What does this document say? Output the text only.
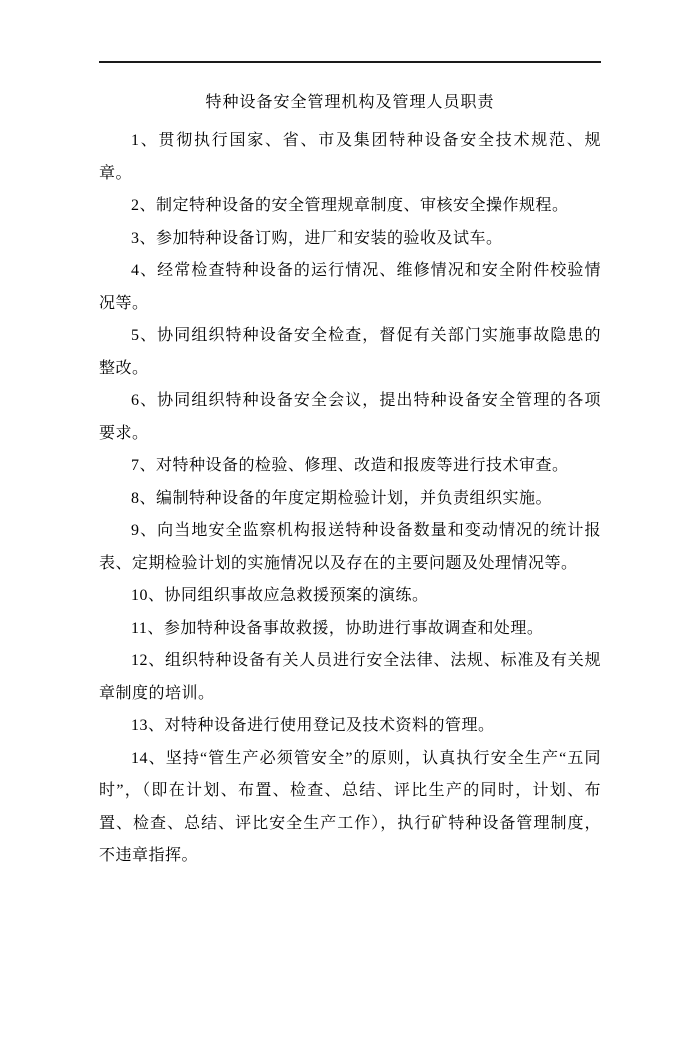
特种设备安全管理机构及管理人员职责

1、贯彻执行国家、省、市及集团特种设备安全技术规范、规章。

2、制定特种设备的安全管理规章制度、审核安全操作规程。

3、参加特种设备订购，进厂和安装的验收及试车。

4、经常检查特种设备的运行情况、维修情况和安全附件校验情况等。

5、协同组织特种设备安全检查，督促有关部门实施事故隐患的整改。

6、协同组织特种设备安全会议，提出特种设备安全管理的各项要求。

7、对特种设备的检验、修理、改造和报废等进行技术审查。

8、编制特种设备的年度定期检验计划，并负责组织实施。

9、向当地安全监察机构报送特种设备数量和变动情况的统计报表、定期检验计划的实施情况以及存在的主要问题及处理情况等。

10、协同组织事故应急救援预案的演练。

11、参加特种设备事故救援，协助进行事故调查和处理。

12、组织特种设备有关人员进行安全法律、法规、标准及有关规章制度的培训。

13、对特种设备进行使用登记及技术资料的管理。

14、坚持“管生产必须管安全”的原则，认真执行安全生产“五同时”，（即在计划、布置、检查、总结、评比生产的同时，计划、布置、检查、总结、评比安全生产工作），执行矿特种设备管理制度，不违章指挥。
